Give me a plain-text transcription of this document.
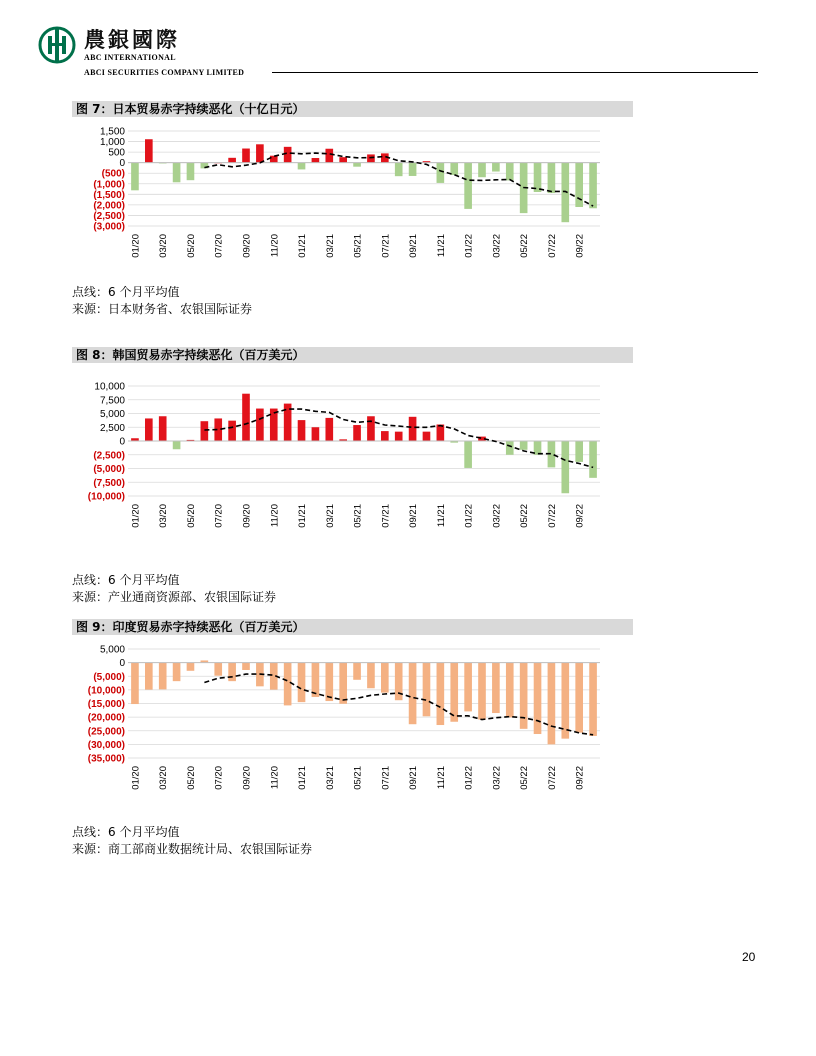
農銀國際
ABC INTERNATIONAL
ABCI SECURITIES COMPANY LIMITED
图 7：日本贸易赤字持续恶化（十亿日元）
1,500
1,000
500
0
(500)
(1,000)
(1,500)
(2,000)
(2,500)
(3,000)
01/20 03/20 05/20 07/20 09/20 11/20 01/21 03/21 05/21 07/21 09/21 11/21 01/22 03/22 05/22 07/22 09/22
点线：6 个月平均值
来源：日本财务省、农银国际证券
图 8：韩国贸易赤字持续恶化（百万美元）
10,000
7,500
5,000
2,500
0
(2,500)
(5,000)
(7,500)
(10,000)
01/20 03/20 05/20 07/20 09/20 11/20 01/21 03/21 05/21 07/21 09/21 11/21 01/22 03/22 05/22 07/22 09/22
点线：6 个月平均值
来源：产业通商资源部、农银国际证券
图 9：印度贸易赤字持续恶化（百万美元）
5,000
0
(5,000)
(10,000)
(15,000)
(20,000)
(25,000)
(30,000)
(35,000)
01/20 03/20 05/20 07/20 09/20 11/20 01/21 03/21 05/21 07/21 09/21 11/21 01/22 03/22 05/22 07/22 09/22
点线：6 个月平均值
来源：商工部商业数据统计局、农银国际证券
20
